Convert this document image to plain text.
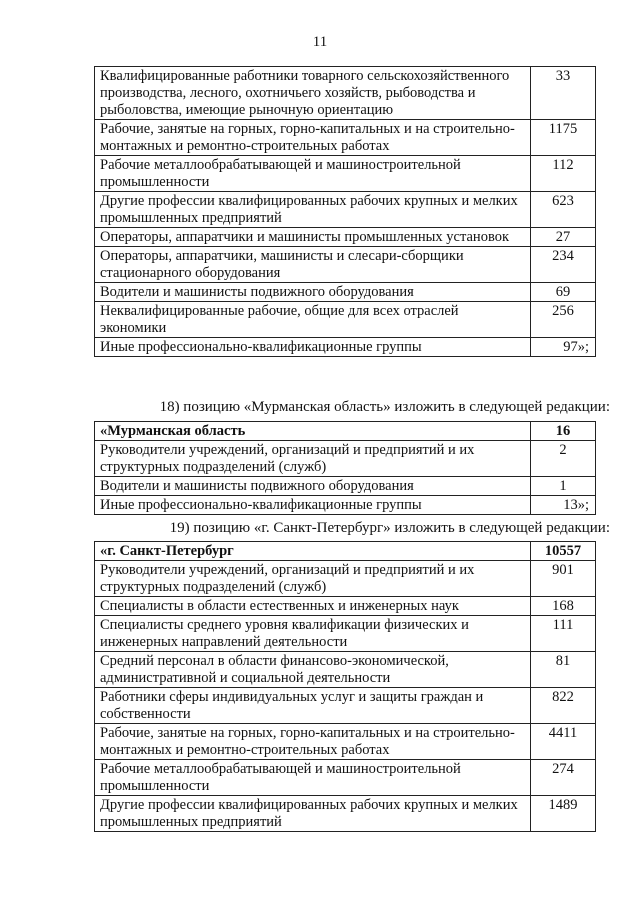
11
Квалифицированные работники товарного сельскохозяйственного производства, лесного, охотничьего хозяйств, рыбоводства и рыболовства, имеющие рыночную ориентацию	33
Рабочие, занятые на горных, горно-капитальных и на строительно-монтажных и ремонтно-строительных работах	1175
Рабочие металлообрабатывающей и машиностроительной промышленности	112
Другие профессии квалифицированных рабочих крупных и мелких промышленных предприятий	623
Операторы, аппаратчики и машинисты промышленных установок	27
Операторы, аппаратчики, машинисты и слесари-сборщики стационарного оборудования	234
Водители и машинисты подвижного оборудования	69
Неквалифицированные рабочие, общие для всех отраслей экономики	256
Иные профессионально-квалификационные группы	97»;
18) позицию «Мурманская область» изложить в следующей редакции:
«Мурманская область	16
Руководители учреждений, организаций и предприятий и их структурных подразделений (служб)	2
Водители и машинисты подвижного оборудования	1
Иные профессионально-квалификационные группы	13»;
19) позицию «г. Санкт-Петербург» изложить в следующей редакции:
«г. Санкт-Петербург	10557
Руководители учреждений, организаций и предприятий и их структурных подразделений (служб)	901
Специалисты в области естественных и инженерных наук	168
Специалисты среднего уровня квалификации физических и инженерных направлений деятельности	111
Средний персонал в области финансово-экономической, административной и социальной деятельности	81
Работники сферы индивидуальных услуг и защиты граждан и собственности	822
Рабочие, занятые на горных, горно-капитальных и на строительно-монтажных и ремонтно-строительных работах	4411
Рабочие металлообрабатывающей и машиностроительной промышленности	274
Другие профессии квалифицированных рабочих крупных и мелких промышленных предприятий	1489
